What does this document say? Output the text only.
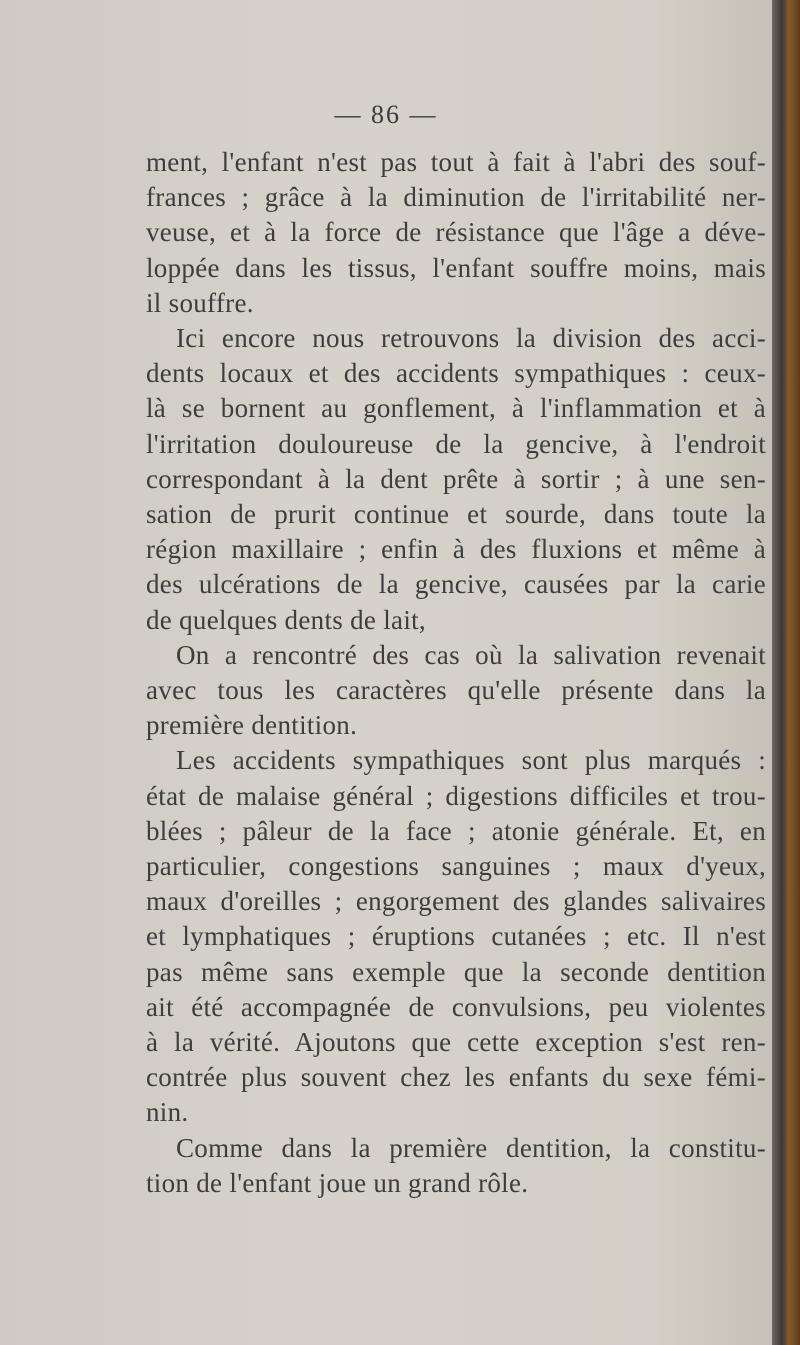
— 86 —
ment, l'enfant n'est pas tout à fait à l'abri des souf-
frances ; grâce à la diminution de l'irritabilité ner-
veuse, et à la force de résistance que l'âge a déve-
loppée dans les tissus, l'enfant souffre moins, mais
il souffre.
Ici encore nous retrouvons la division des acci-
dents locaux et des accidents sympathiques : ceux-
là se bornent au gonflement, à l'inflammation et à
l'irritation douloureuse de la gencive, à l'endroit
correspondant à la dent prête à sortir ; à une sen-
sation de prurit continue et sourde, dans toute la
région maxillaire ; enfin à des fluxions et même à
des ulcérations de la gencive, causées par la carie
de quelques dents de lait,
On a rencontré des cas où la salivation revenait
avec tous les caractères qu'elle présente dans la
première dentition.
Les accidents sympathiques sont plus marqués :
état de malaise général ; digestions difficiles et trou-
blées ; pâleur de la face ; atonie générale. Et, en
particulier, congestions sanguines ; maux d'yeux,
maux d'oreilles ; engorgement des glandes salivaires
et lymphatiques ; éruptions cutanées ; etc. Il n'est
pas même sans exemple que la seconde dentition
ait été accompagnée de convulsions, peu violentes
à la vérité. Ajoutons que cette exception s'est ren-
contrée plus souvent chez les enfants du sexe fémi-
nin.
Comme dans la première dentition, la constitu-
tion de l'enfant joue un grand rôle.
